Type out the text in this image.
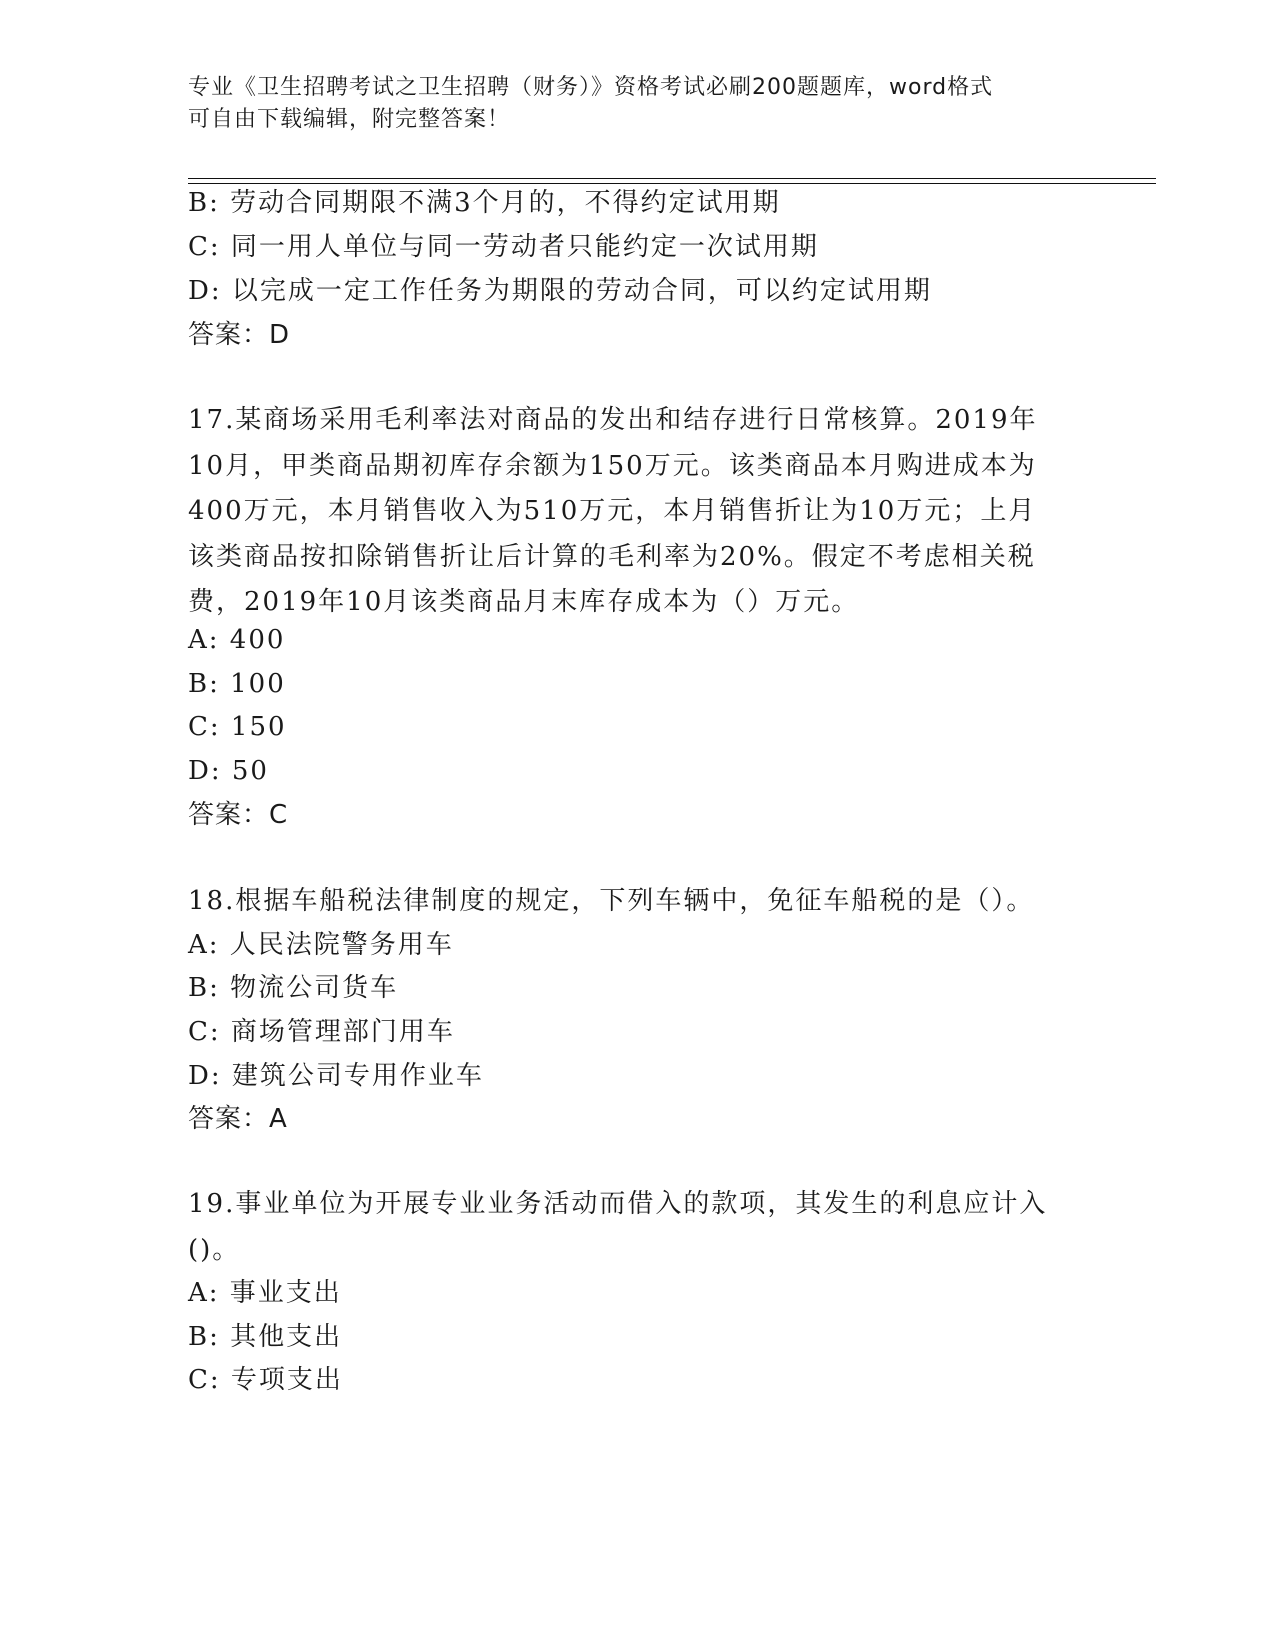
专业《卫生招聘考试之卫生招聘（财务）》资格考试必刷200题题库，word格式
可自由下载编辑，附完整答案！
B: 劳动合同期限不满3个月的，不得约定试用期
C: 同一用人单位与同一劳动者只能约定一次试用期
D: 以完成一定工作任务为期限的劳动合同，可以约定试用期
答案：D
17.某商场采用毛利率法对商品的发出和结存进行日常核算。2019年
10月，甲类商品期初库存余额为150万元。该类商品本月购进成本为
400万元，本月销售收入为510万元，本月销售折让为10万元；上月
该类商品按扣除销售折让后计算的毛利率为20%。假定不考虑相关税
费，2019年10月该类商品月末库存成本为（）万元。
A: 400
B: 100
C: 150
D: 50
答案：C
18.根据车船税法律制度的规定，下列车辆中，免征车船税的是（）。
A: 人民法院警务用车
B: 物流公司货车
C: 商场管理部门用车
D: 建筑公司专用作业车
答案：A
19.事业单位为开展专业业务活动而借入的款项，其发生的利息应计入
()。
A: 事业支出
B: 其他支出
C: 专项支出
